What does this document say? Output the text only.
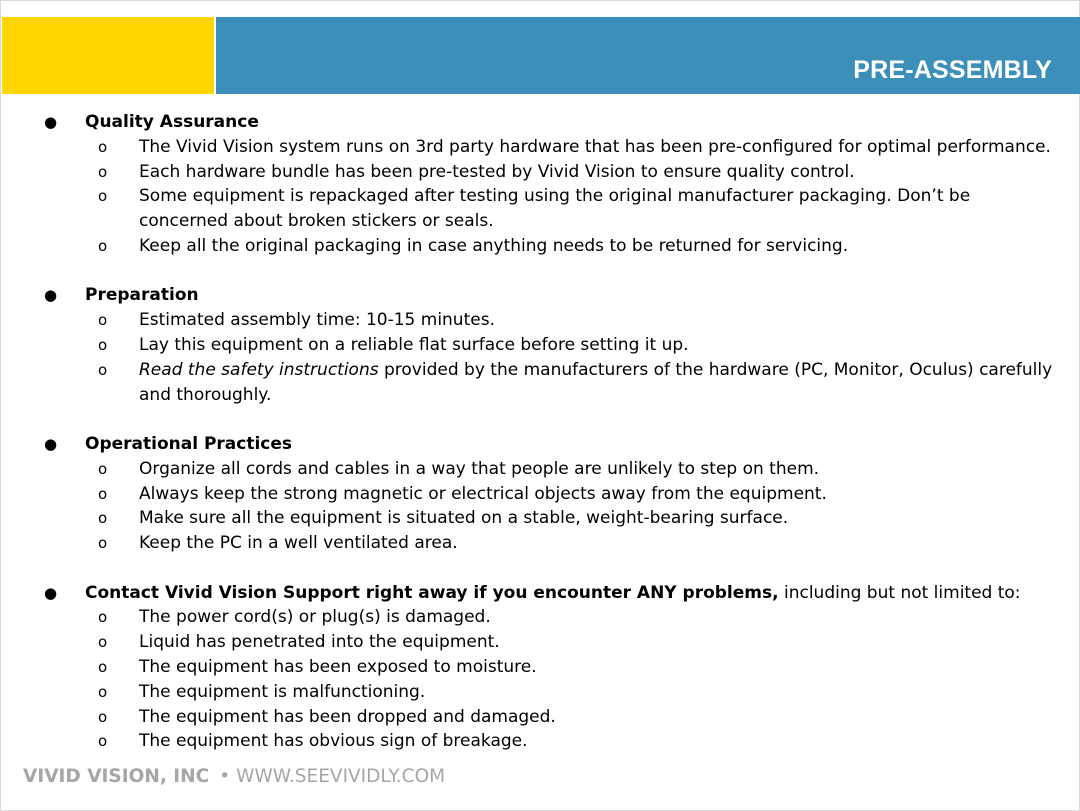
PRE-ASSEMBLY
● Quality Assurance
o The Vivid Vision system runs on 3rd party hardware that has been pre-configured for optimal performance.
o Each hardware bundle has been pre-tested by Vivid Vision to ensure quality control.
o Some equipment is repackaged after testing using the original manufacturer packaging. Don’t be
concerned about broken stickers or seals.
o Keep all the original packaging in case anything needs to be returned for servicing.
● Preparation
o Estimated assembly time: 10-15 minutes.
o Lay this equipment on a reliable flat surface before setting it up.
o Read the safety instructions provided by the manufacturers of the hardware (PC, Monitor, Oculus) carefully
and thoroughly.
● Operational Practices
o Organize all cords and cables in a way that people are unlikely to step on them.
o Always keep the strong magnetic or electrical objects away from the equipment.
o Make sure all the equipment is situated on a stable, weight-bearing surface.
o Keep the PC in a well ventilated area.
● Contact Vivid Vision Support right away if you encounter ANY problems, including but not limited to:
o The power cord(s) or plug(s) is damaged.
o Liquid has penetrated into the equipment.
o The equipment has been exposed to moisture.
o The equipment is malfunctioning.
o The equipment has been dropped and damaged.
o The equipment has obvious sign of breakage.
VIVID VISION, INC • WWW.SEEVIVIDLY.COM
